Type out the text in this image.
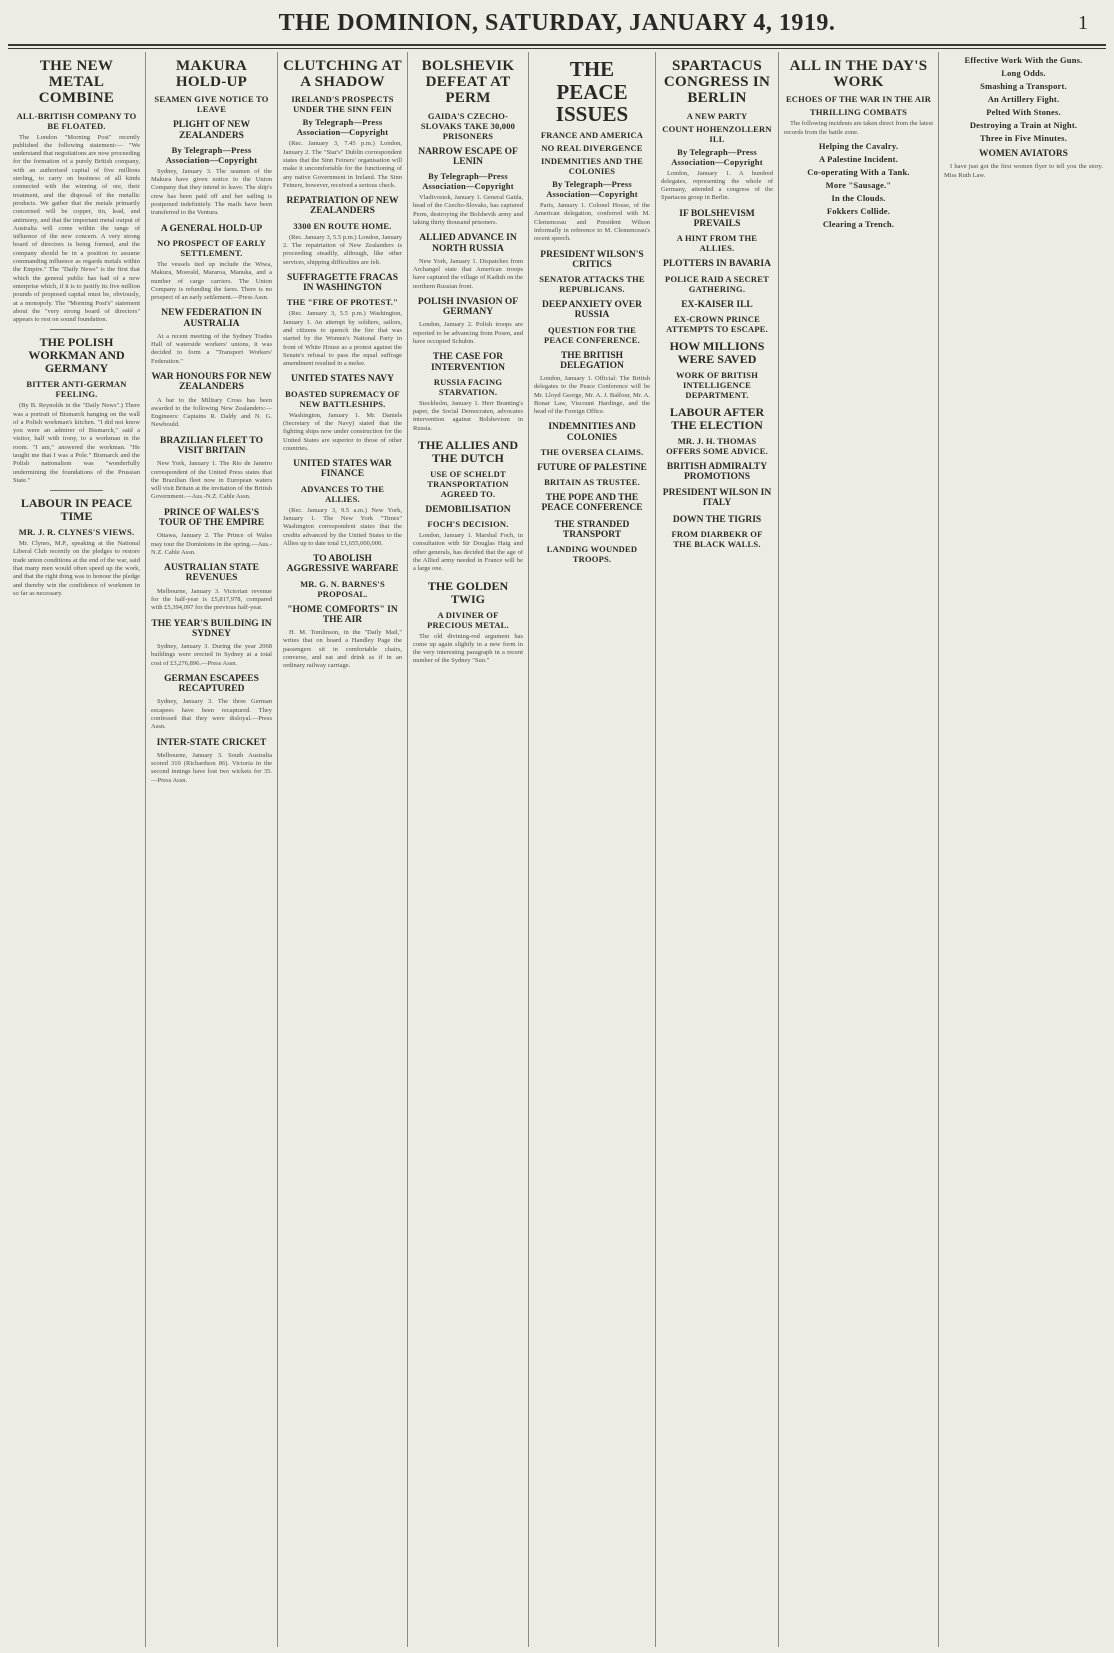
THE DOMINION, SATURDAY, JANUARY 4, 1919.	1
THE NEW METAL COMBINE
ALL-BRITISH COMPANY TO BE FLOATED.

The London "Morning Post" recently published the following statement:— "We understand that negotiations are now proceeding for the formation of a purely British company, with an authorised capital of five millions sterling, to carry on business of all kinds connected with the winning of ore, their treatment, and the disposal of the metallic products. We gather that the metals primarily concerned will be copper, tin, lead, and antimony, and that the important metal output of Australia will come within the range of influence of the new concern. A very strong board of directors is being formed, and the company should be in a position to assume commanding influence as regards metals within the Empire." The "Daily News" is the first that which the general public has had of a new enterprise which, if it is to justify its five million pounds of proposed capital must be, obviously, at a monopoly. The "Morning Post's" statement about the "very strong board of directors" appears to rest on sound foundation.

THE POLISH WORKMAN AND GERMANY
BITTER ANTI-GERMAN FEELING.

(By B. Reynolds in the "Daily News".) There was a portrait of Bismarck hanging on the wall of a Polish workman's kitchen. "I did not know you were an admirer of Bismarck," said a visitor, half with irony, to a workman in the room. "I am," answered the workman. "He taught me that I was a Pole." Bismarck and the Polish nationalism was "wonderfully undermining the foundations of the Prussian State."

LABOUR IN PEACE TIME
MR. J. R. CLYNES'S VIEWS.

Mr. Clynes, M.P., speaking at the National Liberal Club recently on the pledges to restore trade union conditions at the end of the war, said that many men would often speed up the work, and that the right thing was to honour the pledge and thereby win the confidence of workmen in so far as necessary.

MAKURA HOLD-UP
SEAMEN GIVE NOTICE TO LEAVE
PLIGHT OF NEW ZEALANDERS
By Telegraph—Press Association—Copyright

Sydney, January 3. The seamen of the Makura have given notice to the Union Company that they intend to leave. The ship's crew has been paid off and her sailing is postponed indefinitely. The mails have been transferred to the Ventura.

A GENERAL HOLD-UP
NO PROSPECT OF EARLY SETTLEMENT.

The vessels tied up include the Wiwa, Makura, Moerald, Mararoa, Manuka, and a number of cargo carriers. The Union Company is refunding the fares. There is no prospect of an early settlement.—Press Assn.

NEW FEDERATION IN AUSTRALIA

At a recent meeting of the Sydney Trades Hall of waterside workers' unions, it was decided to form a "Transport Workers' Federation."

WAR HONOURS FOR NEW ZEALANDERS

A bar to the Military Cross has been awarded to the following New Zealanders:— Engineers: Captains R. Daldy and N. G. Newbould.

BRAZILIAN FLEET TO VISIT BRITAIN

New York, January 1. The Rio de Janeiro correspondent of the United Press states that the Brazilian fleet now in European waters will visit Britain at the invitation of the British Government.—Aus.-N.Z. Cable Assn.

PRINCE OF WALES'S TOUR OF THE EMPIRE

Ottawa, January 2. The Prince of Wales may tour the Dominions in the spring.—Aus.-N.Z. Cable Assn.

AUSTRALIAN STATE REVENUES

Melbourne, January 3. Victorian revenue for the half-year is £5,817,978, compared with £5,394,097 for the previous half-year.

THE YEAR'S BUILDING IN SYDNEY

Sydney, January 3. During the year 2068 buildings were erected in Sydney at a total cost of £3,276,896.—Press Assn.

GERMAN ESCAPEES RECAPTURED

Sydney, January 3. The three German escapees have been recaptured. They confessed that they were disloyal.—Press Assn.

INTER-STATE CRICKET

Melbourne, January 3. South Australia scored 310 (Richardson 86). Victoria in the second innings have lost two wickets for 35.—Press Assn.

CLUTCHING AT A SHADOW
IRELAND'S PROSPECTS UNDER THE SINN FEIN
By Telegraph—Press Association—Copyright

(Rec. January 3, 7.45 p.m.) London, January 2. The "Star's" Dublin correspondent states that the Sinn Feiners' organisation will make it uncomfortable for the functioning of any native Government in Ireland. The Sinn Feiners, however, received a serious check.

REPATRIATION OF NEW ZEALANDERS
3300 EN ROUTE HOME.

(Rec. January 3, 5.5 p.m.) London, January 2. The repatriation of New Zealanders is proceeding steadily, although, like other services, shipping difficulties are felt.

SUFFRAGETTE FRACAS IN WASHINGTON
THE "FIRE OF PROTEST."

(Rec. January 3, 5.5 p.m.) Washington, January 1. An attempt by soldiers, sailors, and citizens to quench the fire that was started by the Women's National Party in front of White House as a protest against the Senate's refusal to pass the equal suffrage amendment resulted in a melee.

UNITED STATES NAVY
BOASTED SUPREMACY OF NEW BATTLESHIPS.

Washington, January 1. Mr. Daniels (Secretary of the Navy) stated that the fighting ships now under construction for the United States are superior to those of other countries.

UNITED STATES WAR FINANCE
ADVANCES TO THE ALLIES.

(Rec. January 3, 9.5 a.m.) New York, January 1. The New York "Times" Washington correspondent states that the credits advanced by the United States to the Allies up to date total £1,655,000,000.

TO ABOLISH AGGRESSIVE WARFARE
MR. G. N. BARNES'S PROPOSAL.
"HOME COMFORTS" IN THE AIR

H. M. Tomlinson, in the "Daily Mail," writes that on board a Handley Page the passengers sit in comfortable chairs, converse, and eat and drink as if in an ordinary railway carriage.

BOLSHEVIK DEFEAT AT PERM
GAIDA'S CZECHO-SLOVAKS TAKE 30,000 PRISONERS
NARROW ESCAPE OF LENIN
By Telegraph—Press Association—Copyright

Vladivostok, January 1. General Gaida, head of the Czecho-Slovaks, has captured Perm, destroying the Bolshevik army and taking thirty thousand prisoners.

ALLIED ADVANCE IN NORTH RUSSIA

New York, January 1. Dispatches from Archangel state that American troops have captured the village of Kadish on the northern Russian front.

POLISH INVASION OF GERMANY

London, January 2. Polish troops are reported to be advancing from Posen, and have occupied Schubin.

THE CASE FOR INTERVENTION
RUSSIA FACING STARVATION.

Stockholm, January 1. Herr Branting's paper, the Social Democraten, advocates intervention against Bolshevism in Russia.

THE ALLIES AND THE DUTCH
USE OF SCHELDT TRANSPORTATION AGREED TO.
DEMOBILISATION
FOCH'S DECISION.

London, January 1. Marshal Foch, in consultation with Sir Douglas Haig and other generals, has decided that the age of the Allied army needed in France will be a large one.

THE GOLDEN TWIG
A DIVINER OF PRECIOUS METAL.

The old divining-rod argument has come up again slightly in a new form in the very interesting paragraph in a recent number of the Sydney "Sun."

THE PEACE ISSUES
FRANCE AND AMERICA
NO REAL DIVERGENCE
INDEMNITIES AND THE COLONIES
By Telegraph—Press Association—Copyright

Paris, January 1. Colonel House, of the American delegation, conferred with M. Clemenceau and President Wilson informally in reference to M. Clemenceau's recent speech.

PRESIDENT WILSON'S CRITICS
SENATOR ATTACKS THE REPUBLICANS.
DEEP ANXIETY OVER RUSSIA
QUESTION FOR THE PEACE CONFERENCE.
THE BRITISH DELEGATION

London, January 1. Official: The British delegates to the Peace Conference will be Mr. Lloyd George, Mr. A. J. Balfour, Mr. A. Bonar Law, Viscount Hardinge, and the head of the Foreign Office.

INDEMNITIES AND COLONIES
THE OVERSEA CLAIMS.
FUTURE OF PALESTINE
BRITAIN AS TRUSTEE.
THE POPE AND THE PEACE CONFERENCE
THE STRANDED TRANSPORT
LANDING WOUNDED TROOPS.
SPARTACUS CONGRESS IN BERLIN
A NEW PARTY
COUNT HOHENZOLLERN ILL
By Telegraph—Press Association—Copyright

London, January 1. A hundred delegates, representing the whole of Germany, attended a congress of the Spartacus group in Berlin.

IF BOLSHEVISM PREVAILS
A HINT FROM THE ALLIES.
PLOTTERS IN BAVARIA
POLICE RAID A SECRET GATHERING.
EX-KAISER ILL
EX-CROWN PRINCE ATTEMPTS TO ESCAPE.
HOW MILLIONS WERE SAVED
WORK OF BRITISH INTELLIGENCE DEPARTMENT.
LABOUR AFTER THE ELECTION
MR. J. H. THOMAS OFFERS SOME ADVICE.
BRITISH ADMIRALTY PROMOTIONS
PRESIDENT WILSON IN ITALY
DOWN THE TIGRIS
FROM DIARBEKR OF THE BLACK WALLS.
ALL IN THE DAY'S WORK
ECHOES OF THE WAR IN THE AIR
THRILLING COMBATS

The following incidents are taken direct from the latest records from the battle zone.

Helping the Cavalry.
A Palestine Incident.
Co-operating With a Tank.
More "Sausage."
In the Clouds.
Fokkers Collide.
Clearing a Trench.
Effective Work With the Guns.
Long Odds.
Smashing a Transport.
An Artillery Fight.
Pelted With Stones.
Destroying a Train at Night.
Three in Five Minutes.
WOMEN AVIATORS

I have just got the first women flyer to tell you the story. Miss Ruth Law.
